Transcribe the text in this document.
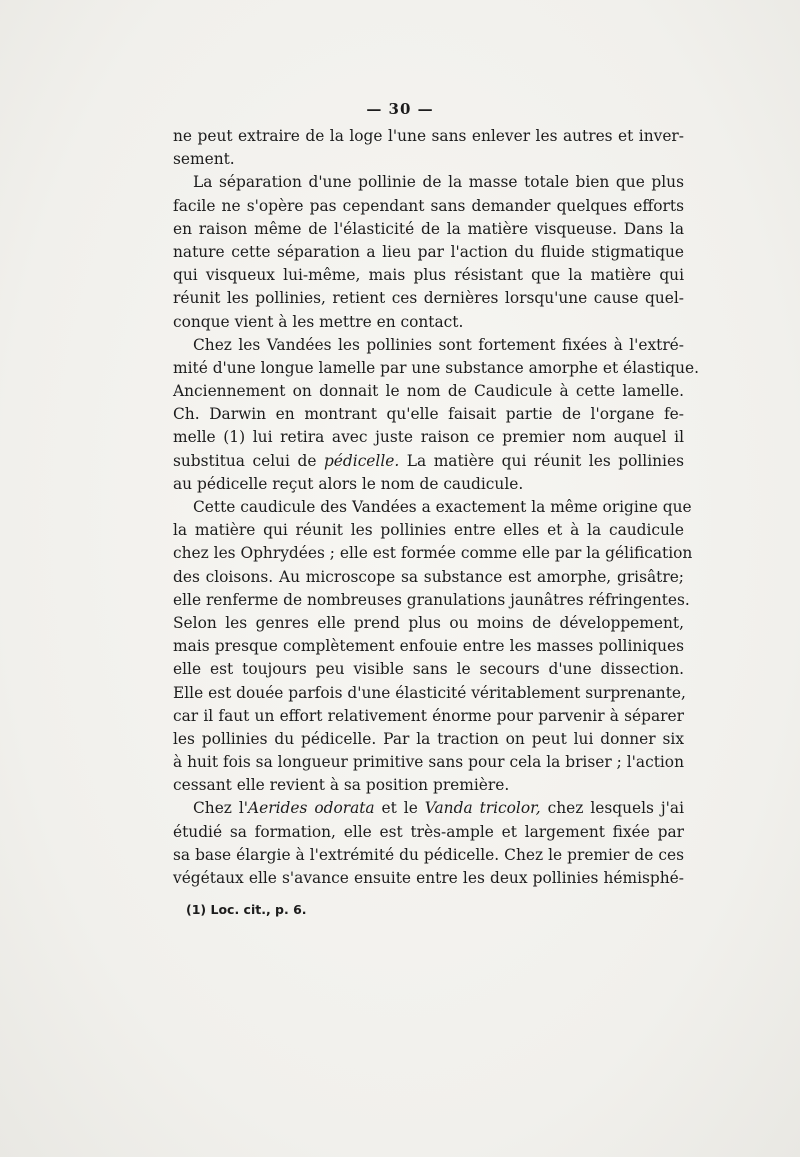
— 30 —
ne peut extraire de la loge l'une sans enlever les autres et inver-
sement.
La séparation d'une pollinie de la masse totale bien que plus
facile ne s'opère pas cependant sans demander quelques efforts
en raison même de l'élasticité de la matière visqueuse. Dans la
nature cette séparation a lieu par l'action du fluide stigmatique
qui visqueux lui-même, mais plus résistant que la matière qui
réunit les pollinies, retient ces dernières lorsqu'une cause quel-
conque vient à les mettre en contact.
Chez les Vandées les pollinies sont fortement fixées à l'extré-
mité d'une longue lamelle par une substance amorphe et élastique.
Anciennement on donnait le nom de Caudicule à cette lamelle.
Ch. Darwin en montrant qu'elle faisait partie de l'organe fe-
melle (1) lui retira avec juste raison ce premier nom auquel il
substitua celui de pédicelle. La matière qui réunit les pollinies
au pédicelle reçut alors le nom de caudicule.
Cette caudicule des Vandées a exactement la même origine que
la matière qui réunit les pollinies entre elles et à la caudicule
chez les Ophrydées ; elle est formée comme elle par la gélification
des cloisons. Au microscope sa substance est amorphe, grisâtre;
elle renferme de nombreuses granulations jaunâtres réfringentes.
Selon les genres elle prend plus ou moins de développement,
mais presque complètement enfouie entre les masses polliniques
elle est toujours peu visible sans le secours d'une dissection.
Elle est douée parfois d'une élasticité véritablement surprenante,
car il faut un effort relativement énorme pour parvenir à séparer
les pollinies du pédicelle. Par la traction on peut lui donner six
à huit fois sa longueur primitive sans pour cela la briser ; l'action
cessant elle revient à sa position première.
Chez l'Aerides odorata et le Vanda tricolor, chez lesquels j'ai
étudié sa formation, elle est très-ample et largement fixée par
sa base élargie à l'extrémité du pédicelle. Chez le premier de ces
végétaux elle s'avance ensuite entre les deux pollinies hémisphé-
(1) Loc. cit., p. 6.
